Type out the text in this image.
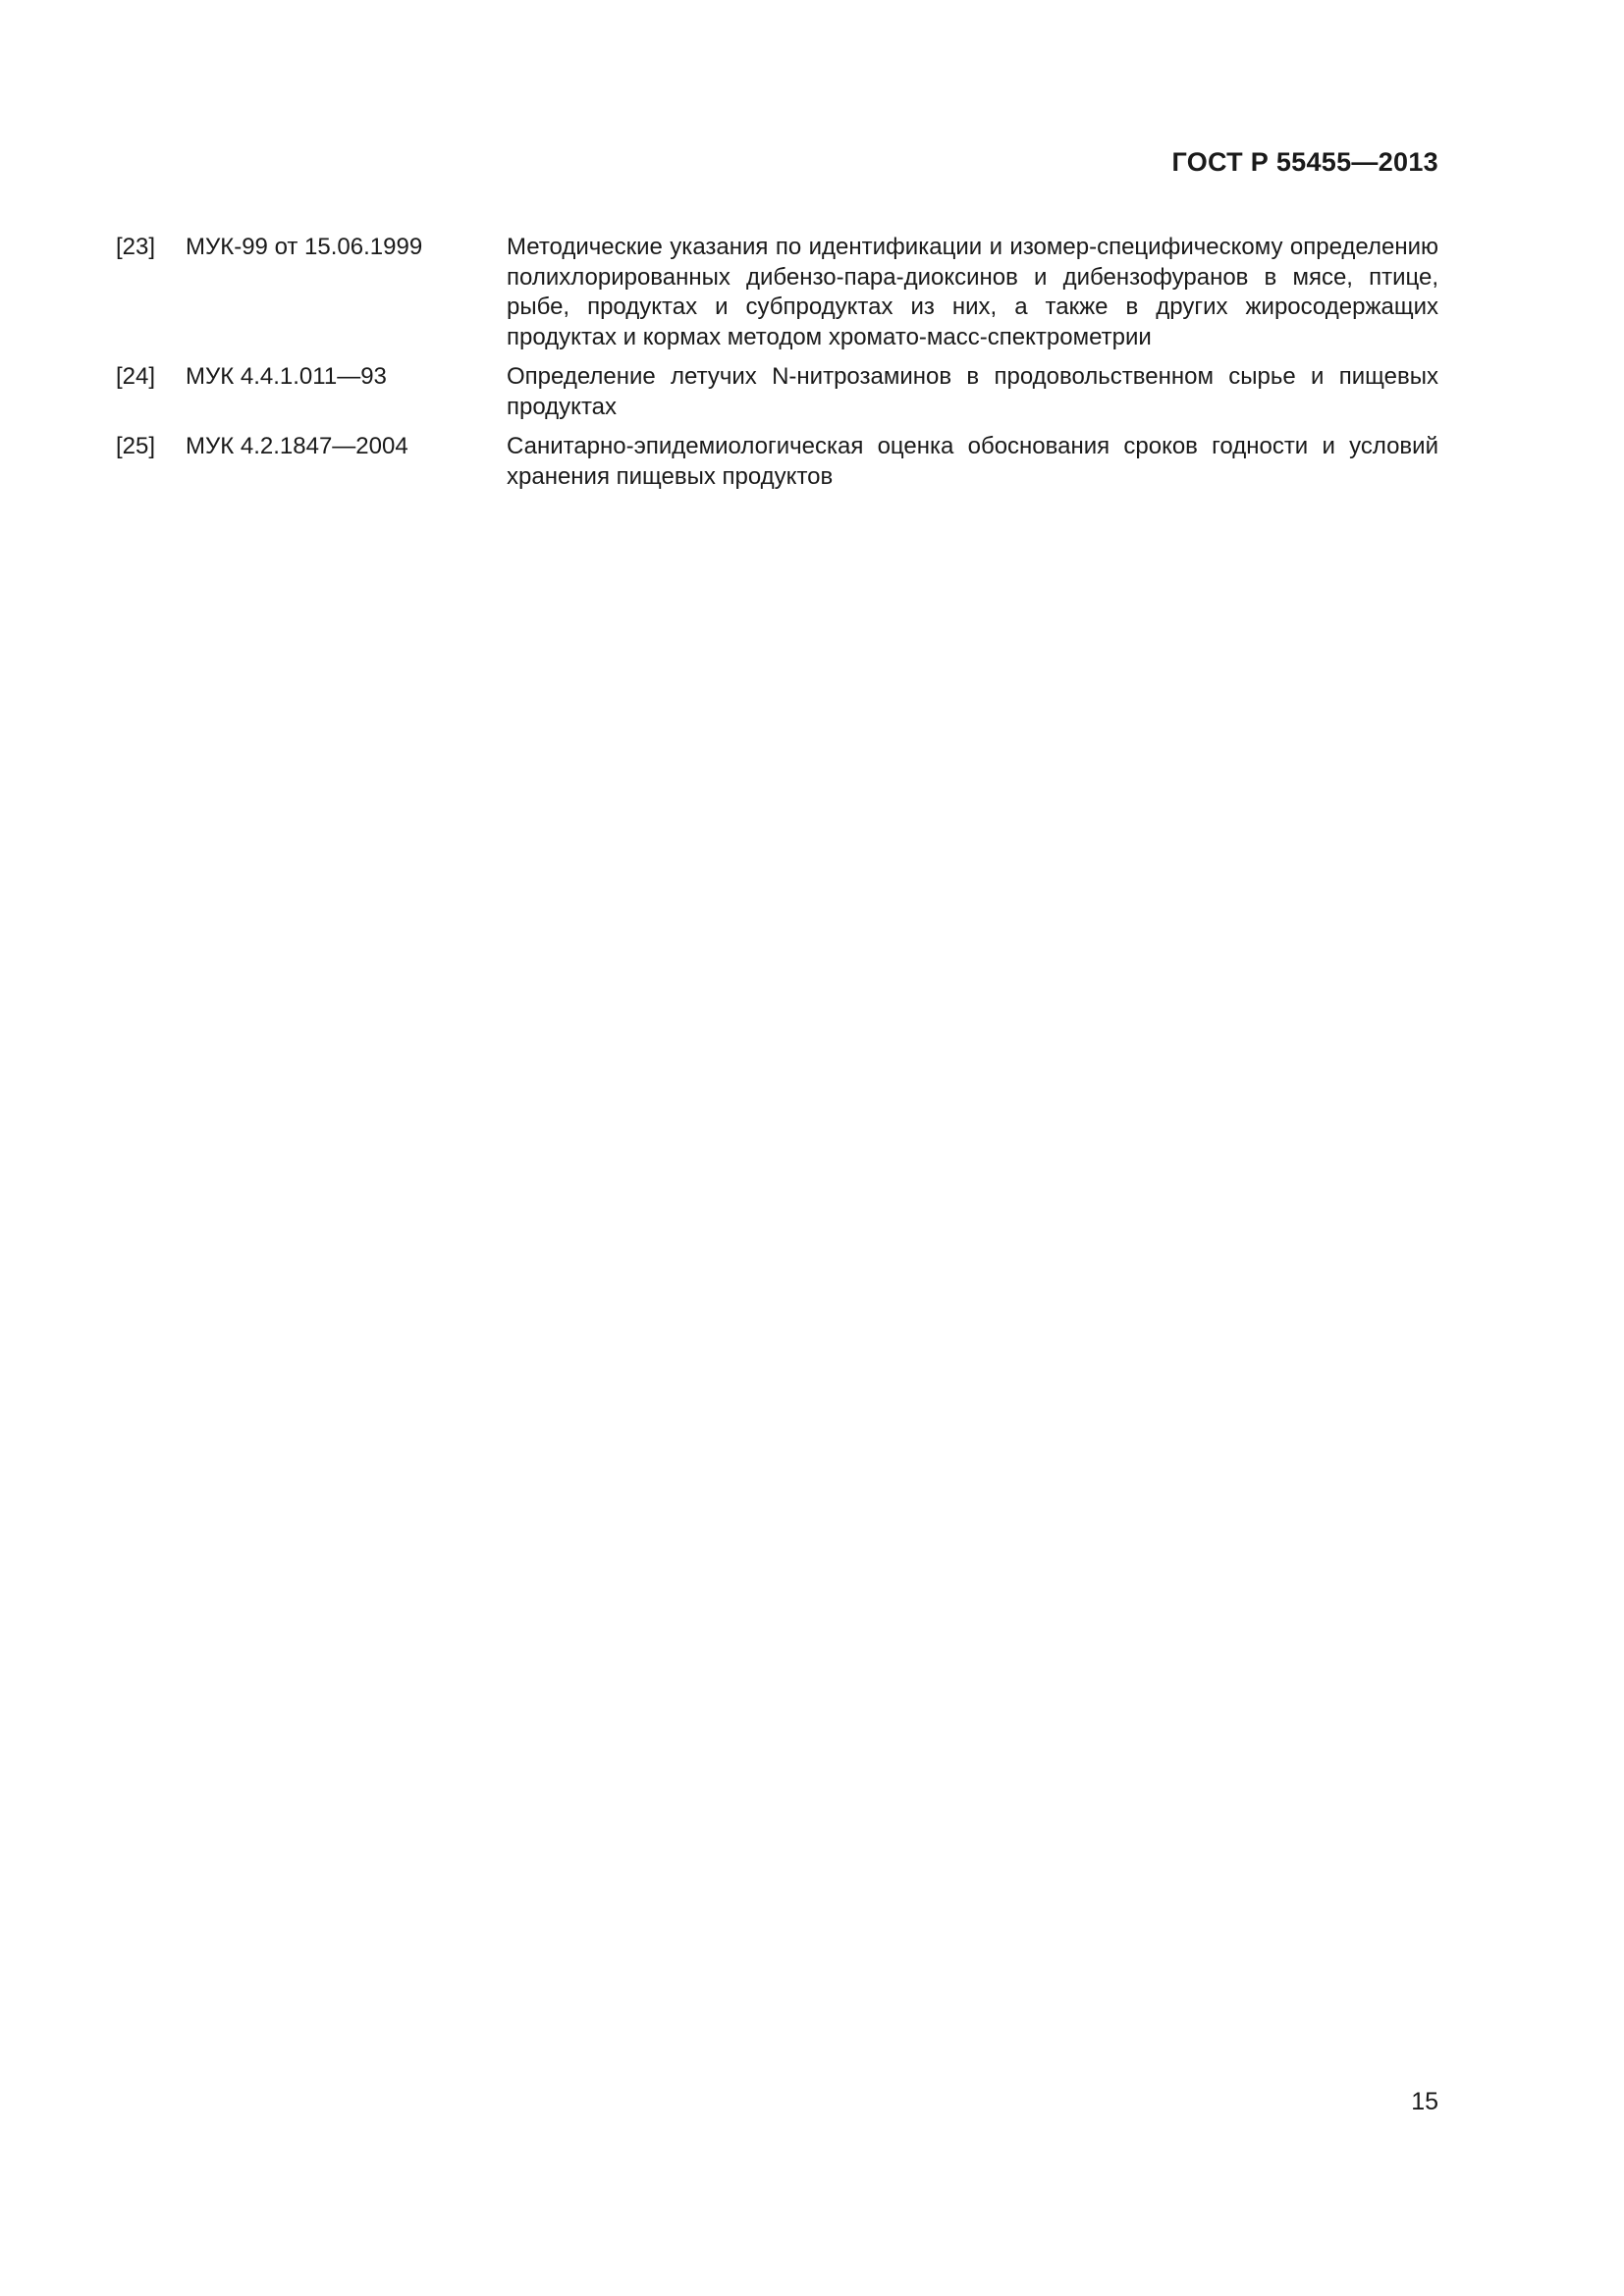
ГОСТ Р 55455—2013
[23]	МУК-99 от 15.06.1999	Методические указания по идентификации и изомер-специфическому определению полихлорированных дибензо-пара-диоксинов и дибензофуранов в мясе, птице, рыбе, продуктах и субпродуктах из них, а также в других жиросодержащих продуктах и кормах методом хромато-масс-спектрометрии
[24]	МУК 4.4.1.011—93	Определение летучих N-нитрозаминов в продовольственном сырье и пищевых продуктах
[25]	МУК 4.2.1847—2004	Санитарно-эпидемиологическая оценка обоснования сроков годности и условий хранения пищевых продуктов
15
